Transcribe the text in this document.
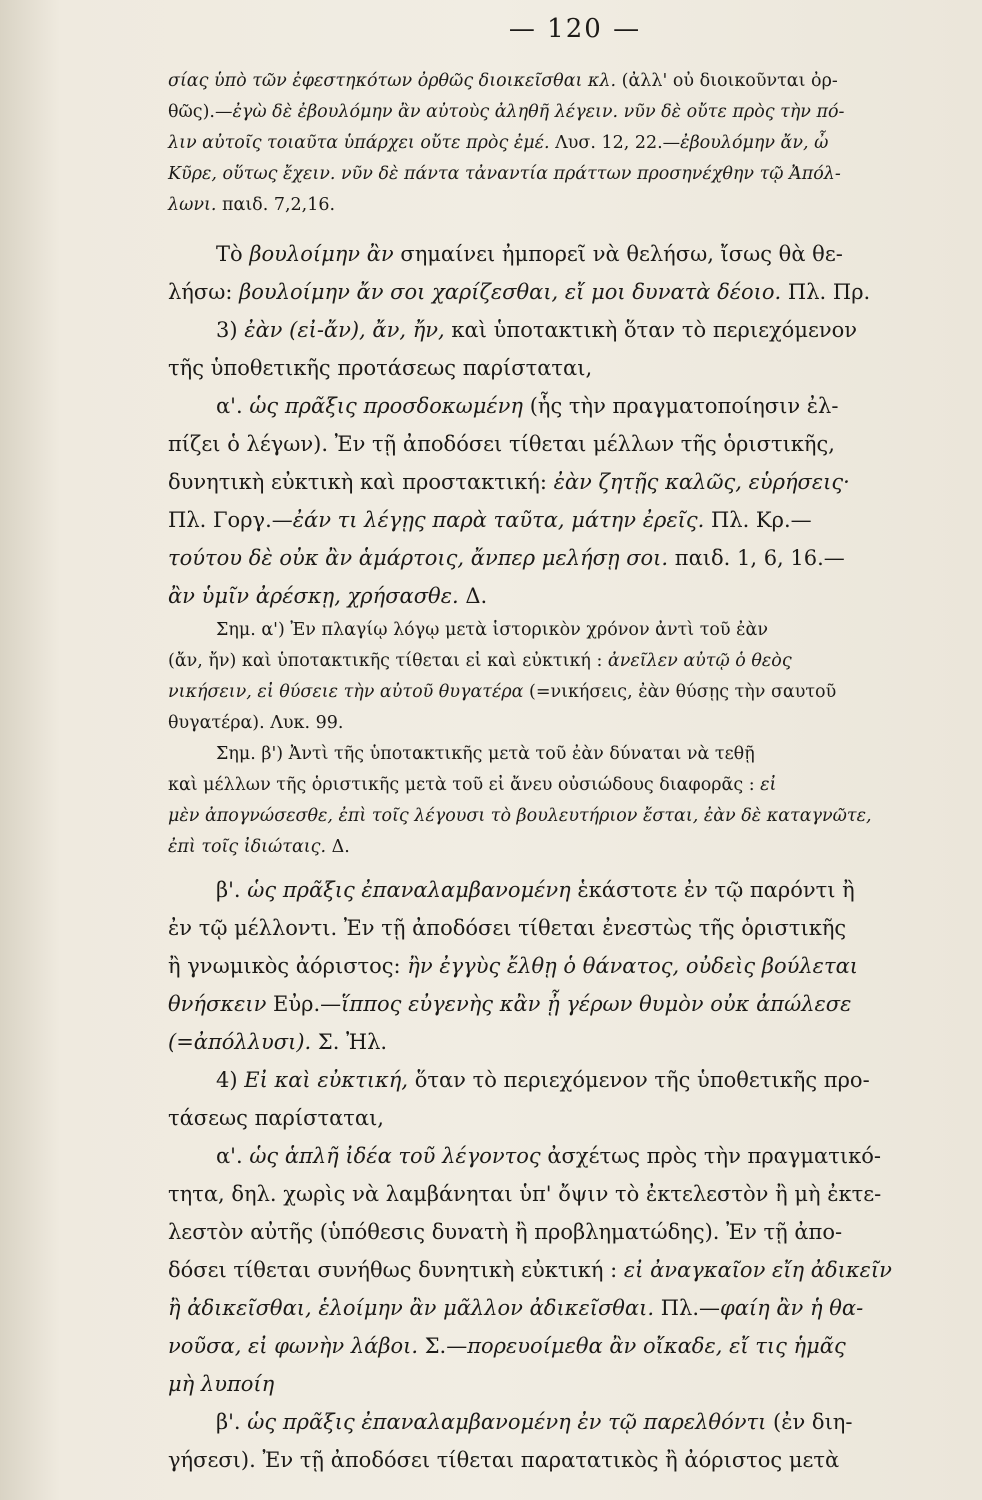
— 120 —
σίας ὑπὸ τῶν ἐφεστηκότων ὀρθῶς διοικεῖσθαι κλ. (ἀλλ' οὐ διοικοῦνται ὀρ-
θῶς).—ἐγὼ δὲ ἐβουλόμην ἂν αὐτοὺς ἀληθῆ λέγειν. νῦν δὲ οὔτε πρὸς τὴν πό-
λιν αὐτοῖς τοιαῦτα ὑπάρχει οὔτε πρὸς ἐμέ. Λυσ. 12, 22.—ἐβουλόμην ἄν, ὦ
Κῦρε, οὕτως ἔχειν. νῦν δὲ πάντα τἀναντία πράττων προσηνέχθην τῷ Ἀπόλ-
λωνι. παιδ. 7,2,16.
Τὸ βουλοίμην ἂν σημαίνει ἠμπορεῖ νὰ θελήσω, ἴσως θὰ θε-
λήσω: βουλοίμην ἄν σοι χαρίζεσθαι, εἴ μοι δυνατὰ δέοιο. Πλ. Πρ.
3) ἐὰν (εἰ-ἄν), ἄν, ἤν, καὶ ὑποτακτικὴ ὅταν τὸ περιεχόμενον
τῆς ὑποθετικῆς προτάσεως παρίσταται,
α'. ὡς πρᾶξις προσδοκωμένη (ἧς τὴν πραγματοποίησιν ἐλ-
πίζει ὁ λέγων). Ἐν τῇ ἀποδόσει τίθεται μέλλων τῆς ὁριστικῆς,
δυνητικὴ εὐκτικὴ καὶ προστακτική: ἐὰν ζητῇς καλῶς, εὑρήσεις·
Πλ. Γοργ.—ἐάν τι λέγῃς παρὰ ταῦτα, μάτην ἐρεῖς. Πλ. Κρ.—
τούτου δὲ οὐκ ἂν ἁμάρτοις, ἄνπερ μελήσῃ σοι. παιδ. 1, 6, 16.—
ἂν ὑμῖν ἀρέσκῃ, χρήσασθε. Δ.
Σημ. α') Ἐν πλαγίῳ λόγῳ μετὰ ἱστορικὸν χρόνον ἀντὶ τοῦ ἐὰν
(ἄν, ἤν) καὶ ὑποτακτικῆς τίθεται εἰ καὶ εὐκτική : ἀνεῖλεν αὐτῷ ὁ θεὸς
νικήσειν, εἰ θύσειε τὴν αὐτοῦ θυγατέρα (=νικήσεις, ἐὰν θύσῃς τὴν σαυτοῦ
θυγατέρα). Λυκ. 99.
Σημ. β') Ἀντὶ τῆς ὑποτακτικῆς μετὰ τοῦ ἐὰν δύναται νὰ τεθῇ
καὶ μέλλων τῆς ὁριστικῆς μετὰ τοῦ εἰ ἄνευ οὐσιώδους διαφορᾶς : εἰ
μὲν ἀπογνώσεσθε, ἐπὶ τοῖς λέγουσι τὸ βουλευτήριον ἔσται, ἐὰν δὲ καταγνῶτε,
ἐπὶ τοῖς ἰδιώταις. Δ.
β'. ὡς πρᾶξις ἐπαναλαμβανομένη ἑκάστοτε ἐν τῷ παρόντι ἢ
ἐν τῷ μέλλοντι. Ἐν τῇ ἀποδόσει τίθεται ἐνεστὼς τῆς ὁριστικῆς
ἢ γνωμικὸς ἀόριστος: ἢν ἐγγὺς ἔλθῃ ὁ θάνατος, οὐδεὶς βούλεται
θνήσκειν Εὐρ.—ἵππος εὐγενὴς κἂν ᾖ γέρων θυμὸν οὐκ ἀπώλεσε
(=ἀπόλλυσι). Σ. Ἠλ.
4) Εἰ καὶ εὐκτική, ὅταν τὸ περιεχόμενον τῆς ὑποθετικῆς προ-
τάσεως παρίσταται,
α'. ὡς ἁπλῆ ἰδέα τοῦ λέγοντος ἀσχέτως πρὸς τὴν πραγματικό-
τητα, δηλ. χωρὶς νὰ λαμβάνηται ὑπ' ὄψιν τὸ ἐκτελεστὸν ἢ μὴ ἐκτε-
λεστὸν αὐτῆς (ὑπόθεσις δυνατὴ ἢ προβληματώδης). Ἐν τῇ ἀπο-
δόσει τίθεται συνήθως δυνητικὴ εὐκτική : εἰ ἀναγκαῖον εἴη ἀδικεῖν
ἢ ἀδικεῖσθαι, ἑλοίμην ἂν μᾶλλον ἀδικεῖσθαι. Πλ.—φαίη ἂν ἡ θα-
νοῦσα, εἰ φωνὴν λάβοι. Σ.—πορευοίμεθα ἂν οἴκαδε, εἴ τις ἡμᾶς
μὴ λυποίη
β'. ὡς πρᾶξις ἐπαναλαμβανομένη ἐν τῷ παρελθόντι (ἐν διη-
γήσεσι). Ἐν τῇ ἀποδόσει τίθεται παρατατικὸς ἢ ἀόριστος μετὰ
